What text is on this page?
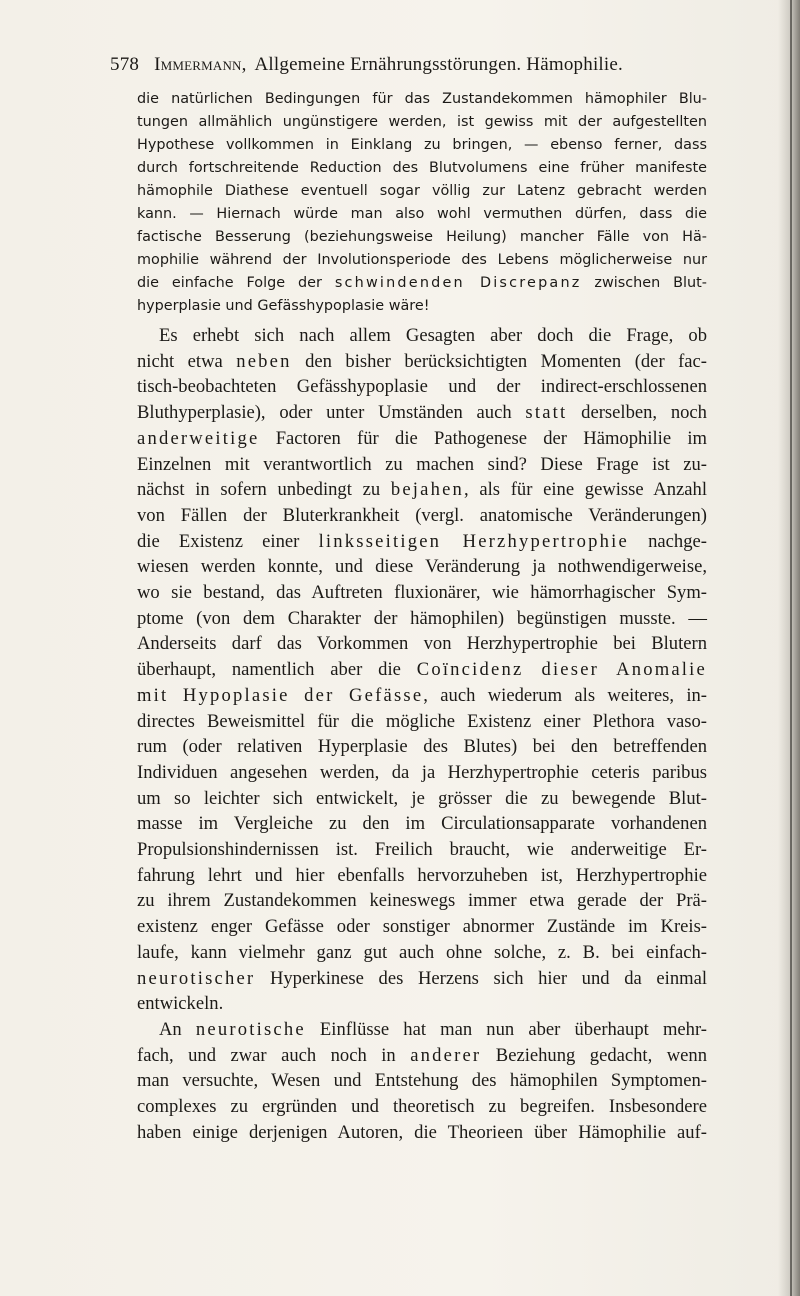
578 Immermann, Allgemeine Ernährungsstörungen. Hämophilie.
die natürlichen Bedingungen für das Zustandekommen hämophiler Blu-
tungen allmählich ungünstigere werden, ist gewiss mit der aufgestellten
Hypothese vollkommen in Einklang zu bringen, — ebenso ferner, dass
durch fortschreitende Reduction des Blutvolumens eine früher manifeste
hämophile Diathese eventuell sogar völlig zur Latenz gebracht werden
kann. — Hiernach würde man also wohl vermuthen dürfen, dass die
factische Besserung (beziehungsweise Heilung) mancher Fälle von Hä-
mophilie während der Involutionsperiode des Lebens möglicherweise nur
die einfache Folge der schwindenden Discrepanz zwischen Blut-
hyperplasie und Gefässhypoplasie wäre!

Es erhebt sich nach allem Gesagten aber doch die Frage, ob
nicht etwa neben den bisher berücksichtigten Momenten (der fac-
tisch-beobachteten Gefässhypoplasie und der indirect-erschlossenen
Bluthyperplasie), oder unter Umständen auch statt derselben, noch
anderweitige Factoren für die Pathogenese der Hämophilie im
Einzelnen mit verantwortlich zu machen sind? Diese Frage ist zu-
nächst in sofern unbedingt zu bejahen, als für eine gewisse Anzahl
von Fällen der Bluterkrankheit (vergl. anatomische Veränderungen)
die Existenz einer linksseitigen Herzhypertrophie nachge-
wiesen werden konnte, und diese Veränderung ja nothwendigerweise,
wo sie bestand, das Auftreten fluxionärer, wie hämorrhagischer Sym-
ptome (von dem Charakter der hämophilen) begünstigen musste. —
Anderseits darf das Vorkommen von Herzhypertrophie bei Blutern
überhaupt, namentlich aber die Coïncidenz dieser Anomalie
mit Hypoplasie der Gefässe, auch wiederum als weiteres, in-
directes Beweismittel für die mögliche Existenz einer Plethora vaso-
rum (oder relativen Hyperplasie des Blutes) bei den betreffenden
Individuen angesehen werden, da ja Herzhypertrophie ceteris paribus
um so leichter sich entwickelt, je grösser die zu bewegende Blut-
masse im Vergleiche zu den im Circulationsapparate vorhandenen
Propulsionshindernissen ist. Freilich braucht, wie anderweitige Er-
fahrung lehrt und hier ebenfalls hervorzuheben ist, Herzhypertrophie
zu ihrem Zustandekommen keineswegs immer etwa gerade der Prä-
existenz enger Gefässe oder sonstiger abnormer Zustände im Kreis-
laufe, kann vielmehr ganz gut auch ohne solche, z. B. bei einfach-
neurotischer Hyperkinese des Herzens sich hier und da einmal
entwickeln.

An neurotische Einflüsse hat man nun aber überhaupt mehr-
fach, und zwar auch noch in anderer Beziehung gedacht, wenn
man versuchte, Wesen und Entstehung des hämophilen Symptomen-
complexes zu ergründen und theoretisch zu begreifen. Insbesondere
haben einige derjenigen Autoren, die Theorieen über Hämophilie auf-
